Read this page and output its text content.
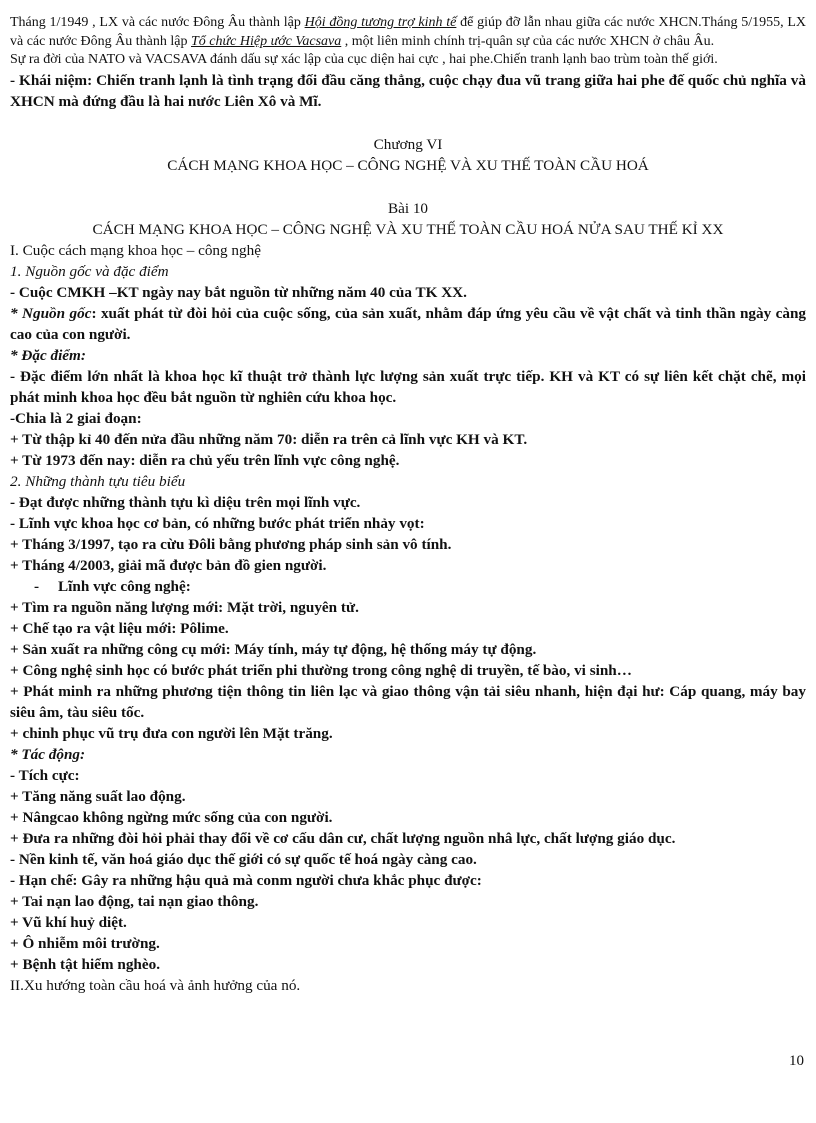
Tháng 1/1949 , LX và các nước Đông Âu thành lập Hội đồng tương trợ kinh tế để giúp đỡ lẫn nhau giữa các nước XHCN.Tháng 5/1955, LX và các nước Đông Âu thành lập Tổ chức Hiệp ước Vacsava , một liên minh chính trị-quân sự của các nước XHCN ở châu Âu.

Sự ra đời của NATO và VACSAVA đánh dấu sự xác lập của cục diện hai cực , hai phe.Chiến tranh lạnh bao trùm toàn thế giới.

- Khái niệm: Chiến tranh lạnh là tình trạng đối đầu căng thẳng, cuộc chạy đua vũ trang giữa hai phe đế quốc chủ nghĩa và XHCN mà đứng đầu là hai nước Liên Xô và Mĩ.

Chương VI

CÁCH MẠNG KHOA HỌC – CÔNG NGHỆ VÀ XU THẾ TOÀN CẦU HOÁ

Bài 10

CÁCH MẠNG KHOA HỌC – CÔNG NGHỆ VÀ XU THẾ TOÀN CẦU HOÁ NỬA SAU THẾ KỈ XX

I. Cuộc cách mạng khoa học – công nghệ

1. Nguồn gốc và đặc điểm

- Cuộc CMKH –KT ngày nay bắt nguồn từ những năm 40 của TK XX.

* Nguồn gốc: xuất phát từ đòi hỏi của cuộc sống, của sản xuất, nhằm đáp ứng yêu cầu về vật chất và tinh thần ngày càng cao của con người.

* Đặc điểm:

- Đặc điểm lớn nhất là khoa học kĩ thuật trở thành lực lượng sản xuất trực tiếp. KH và KT có sự liên kết chặt chẽ, mọi phát minh khoa học đều bắt nguồn từ nghiên cứu khoa học.

-Chia là 2 giai đoạn:

+ Từ thập kỉ 40 đến nửa đầu những năm 70: diễn ra trên cả lĩnh vực KH và KT.

+ Từ 1973 đến nay: diễn ra chủ yếu trên lĩnh vực công nghệ.

2. Những thành tựu tiêu biểu

- Đạt được những thành tựu kì diệu trên mọi lĩnh vực.

- Lĩnh vực khoa học cơ bản, có những bước phát triển nhảy vọt:

+ Tháng 3/1997, tạo ra cừu Đôli bằng phương pháp sinh sản vô tính.

+ Tháng 4/2003, giải mã được bản đồ gien người.

- Lĩnh vực công nghệ:

+ Tìm ra nguồn năng lượng mới: Mặt trời, nguyên tử.

+ Chế tạo ra vật liệu mới: Pôlime.

+ Sản xuất ra những công cụ mới: Máy tính, máy tự động, hệ thống máy tự động.

+ Công nghệ sinh học có bước phát triển phi thường trong công nghệ di truyền, tế bào, vi sinh…

+ Phát minh ra những phương tiện thông tin liên lạc và giao thông vận tải siêu nhanh, hiện đại hư: Cáp quang, máy bay siêu âm, tàu siêu tốc.

+ chinh phục vũ trụ đưa con người lên Mặt trăng.

* Tác động:

- Tích cực:

+ Tăng năng suất lao động.

+ Nângcao không ngừng mức sống của con người.

+ Đưa ra những đòi hỏi phải thay đổi về cơ cấu dân cư, chất lượng nguồn nhâ lực, chất lượng giáo dục.

- Nền kinh tế, văn hoá giáo dục thế giới có sự quốc tế hoá ngày càng cao.

- Hạn chế: Gây ra những hậu quả mà conm người chưa khắc phục được:

+ Tai nạn lao động, tai nạn giao thông.

+ Vũ khí huỷ diệt.

+ Ô nhiễm môi trường.

+ Bệnh tật hiểm nghèo.

II.Xu hướng toàn cầu hoá và ảnh hưởng của nó.

10
